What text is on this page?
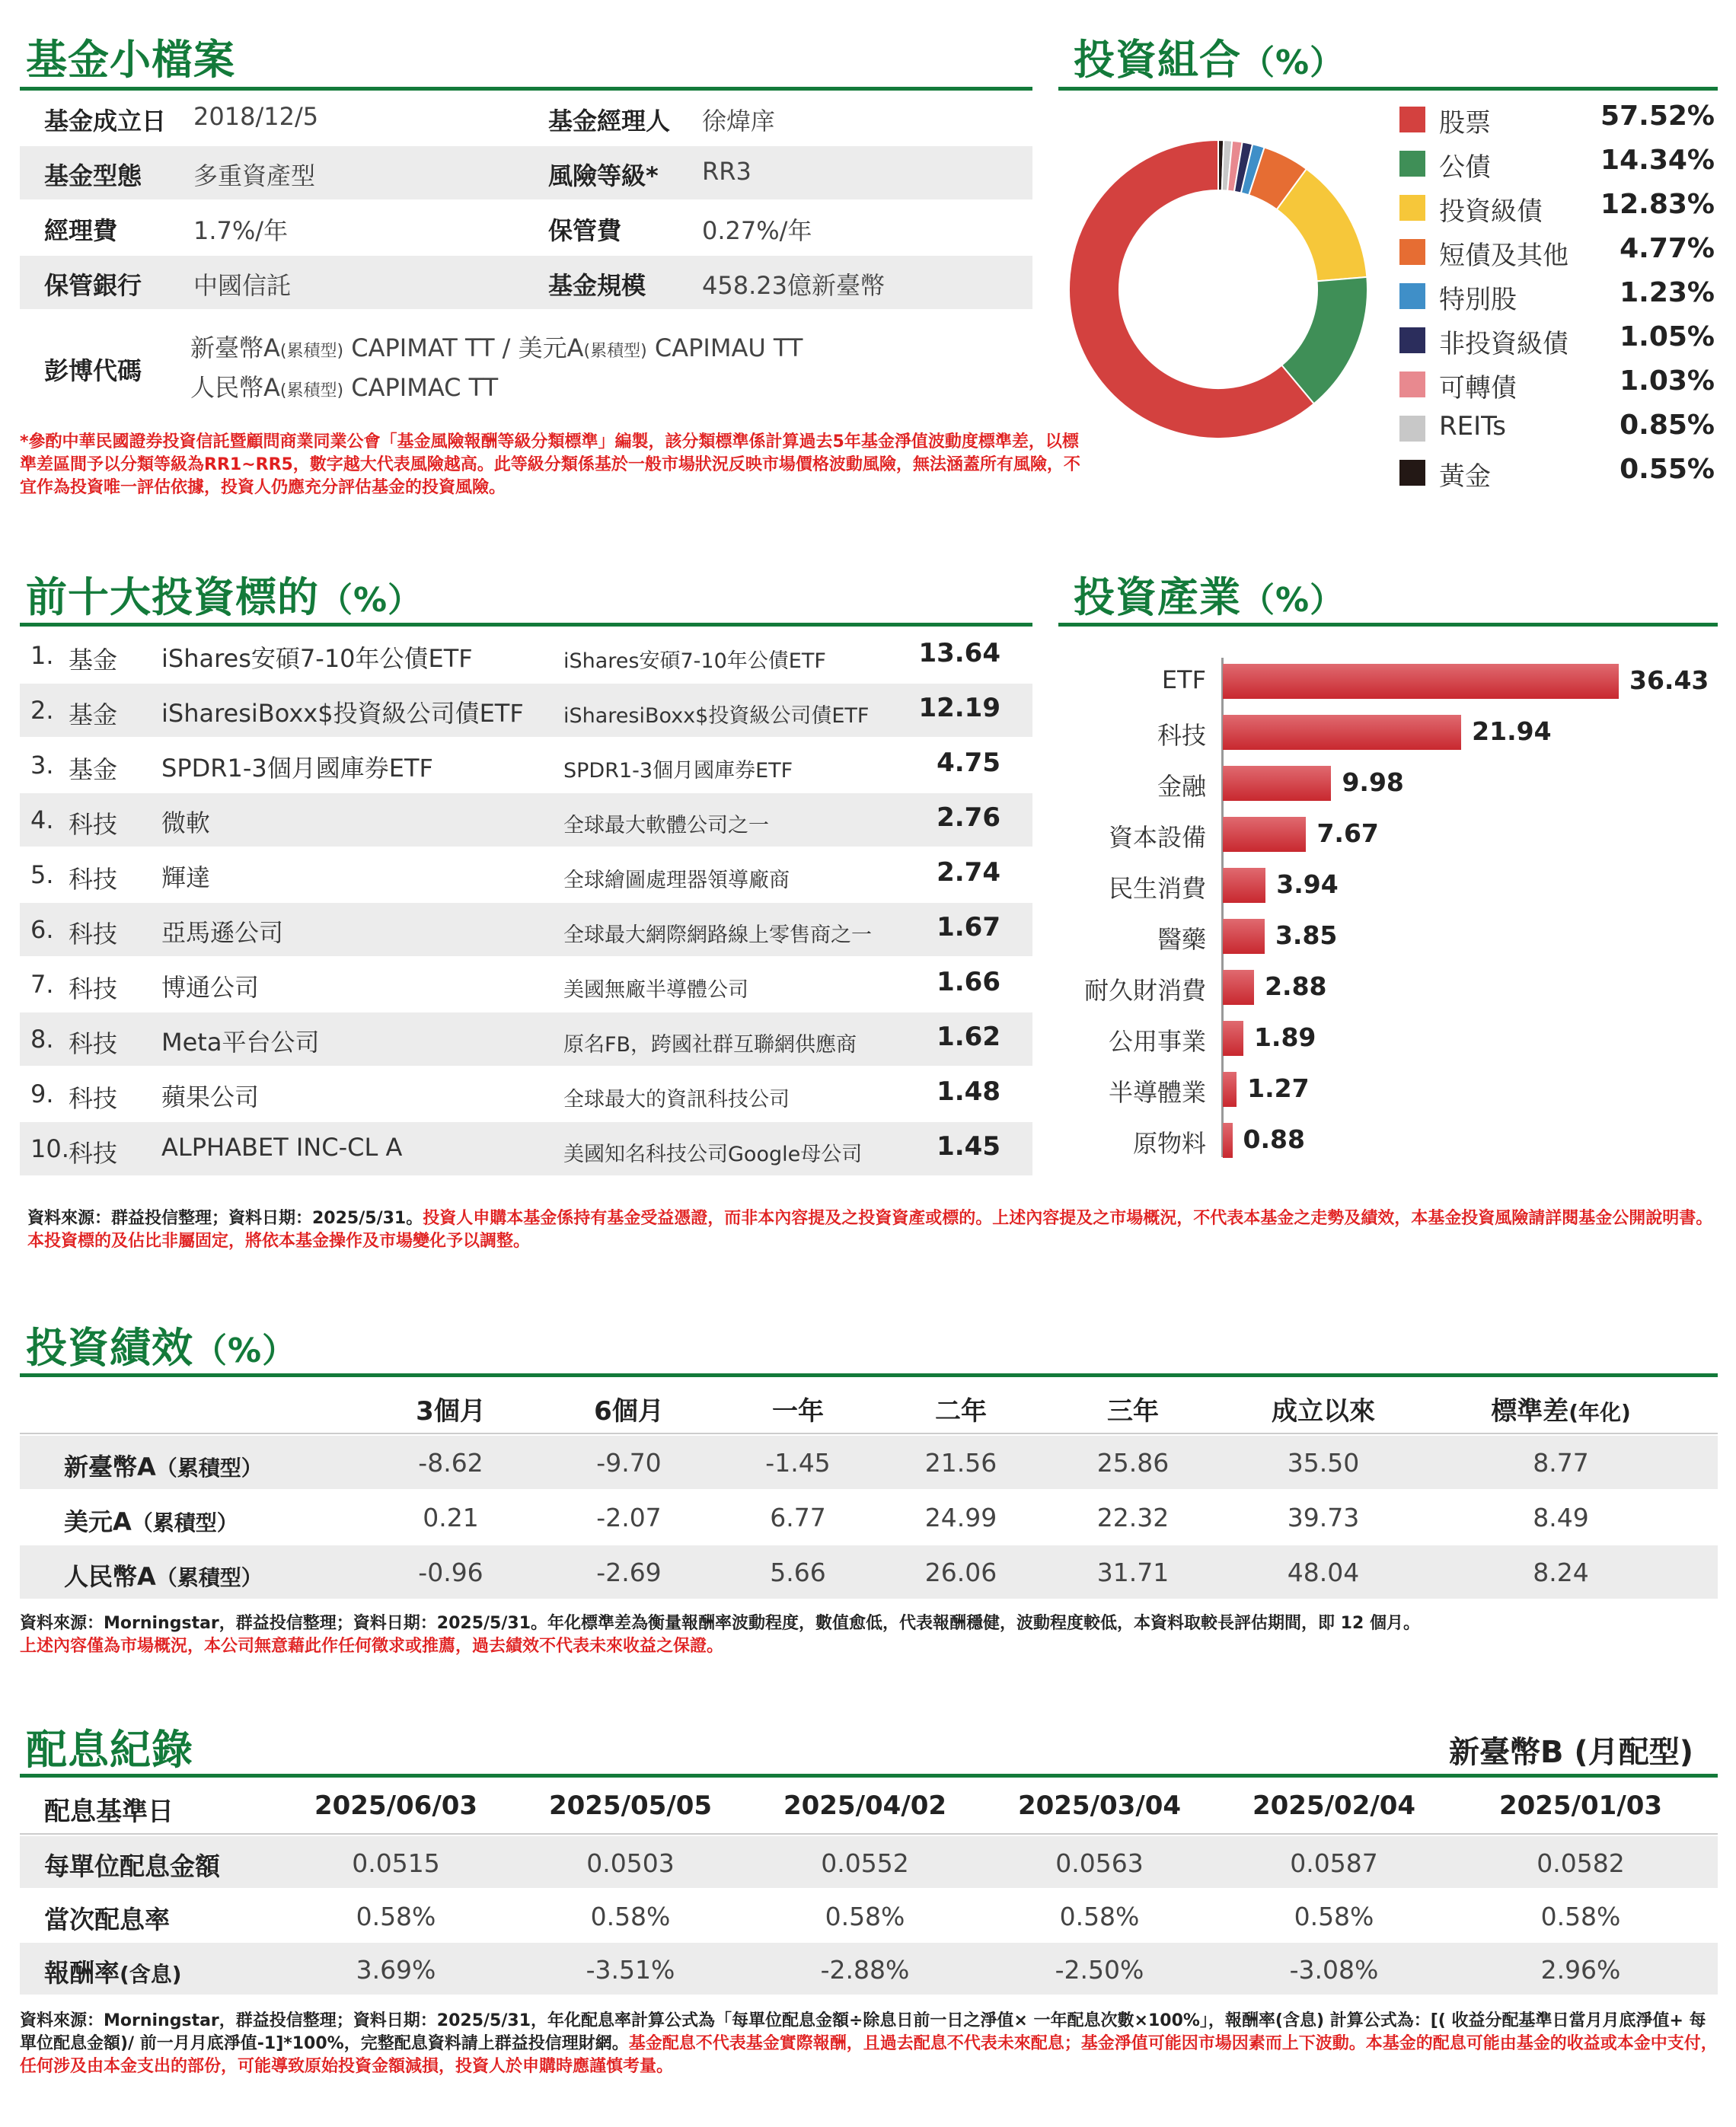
基金小檔案
基金成立日 2018/12/5	基金經理人 徐煒庠
基金型態 多重資產型	風險等級* RR3
經理費	1.7%/年	保管費	0.27%/年
保管銀行 中國信託	基金規模 458.23億新臺幣
彭博代碼
新臺幣A(累積型) CAPIMAT TT / 美元A(累積型) CAPIMAU TT
人民幣A(累積型) CAPIMAC TT
*參酌中華民國證券投資信託暨顧問商業同業公會「基金風險報酬等級分類標準」編製，該分類標準係計算過去5年基金淨值波動度標準差，以標準差區間予以分類等級為RR1~RR5，數字越大代表風險越高。此等級分類係基於一般市場狀況反映市場價格波動風險，無法涵蓋所有風險，不宜作為投資唯一評估依據，投資人仍應充分評估基金的投資風險。
投資組合（%）
股票	57.52%
公債	14.34%
投資級債	12.83%
短債及其他	4.77%
特別股	1.23%
非投資級債	1.05%
可轉債	1.03%
REITs	0.85%
黃金	0.55%
前十大投資標的（%）
1. 基金 iShares安碩7-10年公債ETF	iShares安碩7-10年公債ETF	13.64
2. 基金 iSharesiBoxx$投資級公司債ETF iSharesiBoxx$投資級公司債ETF	12.19
3. 基金 SPDR1-3個月國庫券ETF	SPDR1-3個月國庫券ETF	4.75
4. 科技 微軟	全球最大軟體公司之一	2.76
5. 科技 輝達	全球繪圖處理器領導廠商	2.74
6. 科技 亞馬遜公司	全球最大網際網路線上零售商之一	1.67
7. 科技 博通公司	美國無廠半導體公司	1.66
8. 科技 Meta平台公司	原名FB，跨國社群互聯網供應商	1.62
9. 科技 蘋果公司	全球最大的資訊科技公司	1.48
10. 科技 ALPHABET INC-CL A	美國知名科技公司Google母公司	1.45
投資產業（%）
ETF	36.43
科技	21.94
金融	9.98
資本設備	7.67
民生消費	3.94
醫藥	3.85
耐久財消費 2.88
公用事業 1.89
半導體業 1.27
原物料 0.88
資料來源：群益投信整理；資料日期：2025/5/31。投資人申購本基金係持有基金受益憑證，而非本內容提及之投資資產或標的。上述內容提及之市場概況，不代表本基金之走勢及績效，本基金投資風險請詳閱基金公開說明書。本投資標的及佔比非屬固定，將依本基金操作及市場變化予以調整。
投資績效（%）
3個月	6個月	一年	二年	三年	成立以來	標準差(年化)
新臺幣A（累積型）	-8.62	-9.70	-1.45	21.56	25.86	35.50	8.77
美元A（累積型）	0.21	-2.07	6.77	24.99	22.32	39.73	8.49
人民幣A（累積型）	-0.96	-2.69	5.66	26.06	31.71	48.04	8.24
資料來源：Morningstar，群益投信整理；資料日期：2025/5/31。年化標準差為衡量報酬率波動程度，數值愈低，代表報酬穩健，波動程度較低，本資料取較長評估期間，即 12 個月。
上述內容僅為市場概況，本公司無意藉此作任何徵求或推薦，過去績效不代表未來收益之保證。
配息紀錄	新臺幣B (月配型)
配息基準日	2025/06/03	2025/05/05	2025/04/02	2025/03/04	2025/02/04	2025/01/03
每單位配息金額	0.0515	0.0503	0.0552	0.0563	0.0587	0.0582
當次配息率	0.58%	0.58%	0.58%	0.58%	0.58%	0.58%
報酬率(含息)	3.69%	-3.51%	-2.88%	-2.50%	-3.08%	2.96%
資料來源：Morningstar，群益投信整理；資料日期：2025/5/31，年化配息率計算公式為「每單位配息金額÷除息日前一日之淨值× 一年配息次數×100%」，報酬率(含息) 計算公式為：[( 收益分配基準日當月月底淨值+ 每單位配息金額)/ 前一月月底淨值-1]*100%，完整配息資料請上群益投信理財網。基金配息不代表基金實際報酬，且過去配息不代表未來配息；基金淨值可能因市場因素而上下波動。本基金的配息可能由基金的收益或本金中支付，任何涉及由本金支出的部份，可能導致原始投資金額減損，投資人於申購時應謹慎考量。
